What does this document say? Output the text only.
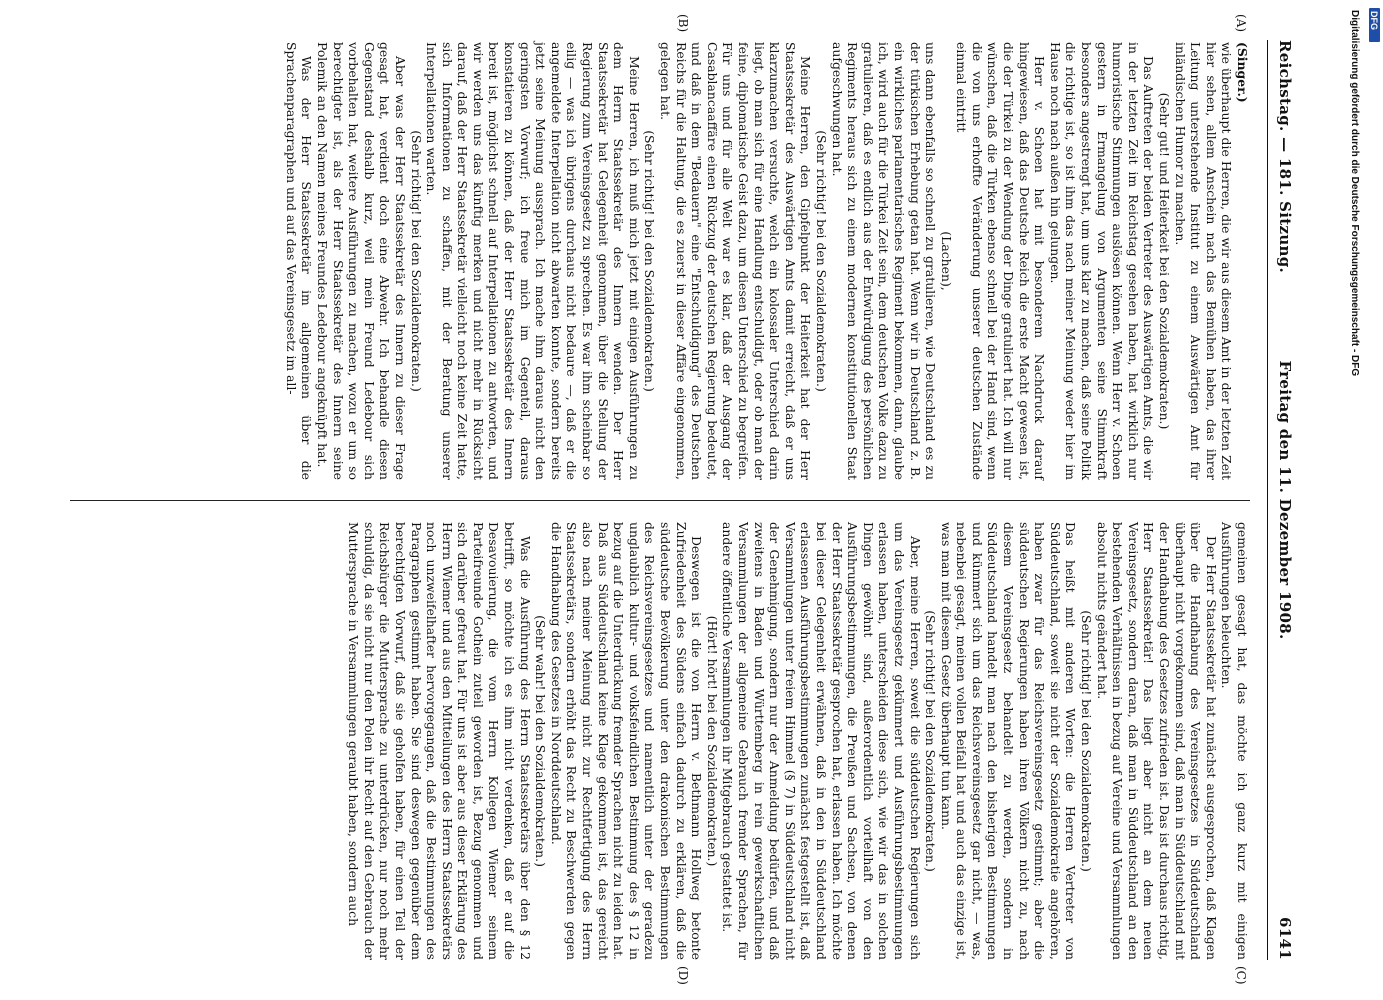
Reichstag. — 181. Sitzung.
Freitag den 11. Dezember 1908.
6141
(A)
(B)
(C)
(D)

(Singer.)

wie überhaupt die Herren, die wir aus diesem Amt in der letzten Zeit hier sehen, allem Anschein nach das Bemühen haben, das ihrer Leitung unterstehende Institut zu einem Auswärtigen Amt für inländischen Humor zu machen.

(Sehr gut! und Heiterkeit bei den Sozialdemokraten.)

Das Auftreten der beiden Vertreter des Auswärtigen Amts, die wir in der letzten Zeit im Reichstag gesehen haben, hat wirklich nur humoristische Stimmungen auslösen können. Wenn Herr v. Schoen gestern in Ermangelung von Argumenten seine Stimmkraft besonders angestrengt hat, um uns klar zu machen, daß seine Politik die richtige ist, so ist ihm das nach meiner Meinung weder hier im Hause noch nach außen hin gelungen.

Herr v. Schoen hat mit besonderem Nachdruck darauf hingewiesen, daß das Deutsche Reich die erste Macht gewesen ist, die der Türkei zu der Wendung der Dinge gratuliert hat. Ich will nur wünschen, daß die Türken ebenso schnell bei der Hand sind, wenn die von uns erhoffte Veränderung unserer deutschen Zustände einmal eintritt

(Lachen),

uns dann ebenfalls so schnell zu gratulieren, wie Deutschland es zu der türkischen Erhebung getan hat. Wenn wir in Deutschland z. B. ein wirkliches parlamentarisches Regiment bekommen, dann, glaube ich, wird auch für die Türkei Zeit sein, dem deutschen Volke dazu zu gratulieren, daß es endlich aus der Entwürdigung des persönlichen Regiments heraus sich zu einem modernen konstitutionellen Staat aufgeschwungen hat.

(Sehr richtig! bei den Sozialdemokraten.)

Meine Herren, den Gipfelpunkt der Heiterkeit hat der Herr Staatssekretär des Auswärtigen Amts damit erreicht, daß er uns klarzumachen versuchte, welch ein kolossaler Unterschied darin liegt, ob man sich für eine Handlung entschuldigt, oder ob man der feine, diplomatische Geist dazu, um diesen Unterschied zu begreifen. Für uns und für alle Welt war es klar, daß der Ausgang der Casablancaaffäre einen Rückzug der deutschen Regierung bedeutet, und daß in dem "Bedauern" eine "Entschuldigung" des Deutschen Reichs für die Haltung, die es zuerst in dieser Affäre eingenommen, gelegen hat.

(Sehr richtig! bei den Sozialdemokraten.)

Meine Herren, ich muß mich jetzt mit einigen Ausführungen zu dem Herrn Staatssekretär des Innern wenden. Der Herr Staatssekretär hat Gelegenheit genommen, über die Stellung der Regierung zum Vereinsgesetz zu sprechen. Es war ihm scheinbar so eilig — was ich übrigens durchaus nicht bedaure —, daß er die angemeldete Interpellation nicht abwarten konnte, sondern bereits jetzt seine Meinung aussprach. Ich mache ihm daraus nicht den geringsten Vorwurf; ich freue mich im Gegenteil, daraus konstatieren zu können, daß der Herr Staatssekretär des Innern bereit ist, möglichst schnell auf Interpellationen zu antworten, und wir werden uns das künftig merken und nicht mehr in Rücksicht darauf, daß der Herr Staatssekretär vielleicht noch keine Zeit hatte, sich Informationen zu schaffen, mit der Beratung unserer Interpellationen warten.

(Sehr richtig! bei den Sozialdemokraten.)

Aber was der Herr Staatssekretär des Innern zu dieser Frage gesagt hat, verdient doch eine Abwehr. Ich behandle diesen Gegenstand deshalb kurz, weil mein Freund Ledebour sich vorbehalten hat, weitere Ausführungen zu machen, wozu er um so berechtigter ist, als der Herr Staatssekretär des Innern seine Polemik an den Namen meines Freundes Ledebour angeknüpft hat.

Was der Herr Staatssekretär im allgemeinen über die Sprachenparagraphen und auf das Vereinsgesetz im all-

gemeinen gesagt hat, das möchte ich ganz kurz mit einigen Ausführungen beleuchten.

Der Herr Staatssekretär hat zunächst ausgesprochen, daß Klagen über die Handhabung des Vereinsgesetzes in Süddeutschland überhaupt nicht vorgekommen sind, daß man in Süddeutschland mit der Handhabung des Gesetzes zufrieden ist. Das ist durchaus richtig, Herr Staatssekretär! Das liegt aber nicht an dem neuen Vereinsgesetz, sondern daran, daß man in Süddeutschland an den bestehenden Verhältnissen in bezug auf Vereine und Versammlungen absolut nichts geändert hat.

(Sehr richtig! bei den Sozialdemokraten.)

Das heißt mit anderen Worten: die Herren Vertreter von Süddeutschland, soweit sie nicht der Sozialdemokratie angehören, haben zwar für das Reichsvereinsgesetz gestimmt; aber die süddeutschen Regierungen haben ihren Völkern nicht zu, nach diesem Vereinsgesetz behandelt zu werden, sondern in Süddeutschland handelt man nach den bisherigen Bestimmungen und kümmert sich um das Reichsvereinsgesetz gar nicht, — was, nebenbei gesagt, meinen vollen Beifall hat und auch das einzige ist, was man mit diesem Gesetz überhaupt tun kann.

(Sehr richtig! bei den Sozialdemokraten.)

Aber, meine Herren, soweit die süddeutschen Regierungen sich um das Vereinsgesetz gekümmert und Ausführungsbestimmungen erlassen haben, unterscheiden diese sich, wie wir das in solchen Dingen gewöhnt sind, außerordentlich vorteilhaft von den Ausführungsbestimmungen, die Preußen und Sachsen, von denen der Herr Staatssekretär gesprochen hat, erlassen haben. Ich möchte bei dieser Gelegenheit erwähnen, daß in den in Süddeutschland erlassenen Ausführungsbestimmungen zunächst festgestellt ist, daß Versammlungen unter freiem Himmel (§ 7) in Süddeutschland nicht der Genehmigung, sondern nur der Anmeldung bedürfen, und daß zweitens in Baden und Württemberg in rein gewerkschaftlichen Versammlungen der allgemeine Gebrauch fremder Sprachen, für andere öffentliche Versammlungen ihr Mitgebrauch gestattet ist.

(Hört! hört! bei den Sozialdemokraten.)

Deswegen ist die von Herrn v. Bethmann Hollweg betonte Zufriedenheit des Südens einfach dadurch zu erklären, daß die süddeutsche Bevölkerung unter den drakonischen Bestimmungen des Reichsvereinsgesetzes und namentlich unter der geradezu unglaublich kultur- und volksfeindlichen Bestimmung des § 12 in bezug auf die Unterdrückung fremder Sprachen nicht zu leiden hat. Daß aus Süddeutschland keine Klage gekommen ist, das gereicht also nach meiner Meinung nicht zur Rechtfertigung des Herrn Staatssekretärs, sondern erhöht das Recht zu Beschwerden gegen die Handhabung des Gesetzes in Norddeutschland.

(Sehr wahr! bei den Sozialdemokraten.)

Was die Ausführung des Herrn Staatssekretärs über den § 12 betrifft, so möchte ich es ihm nicht verdenken, daß er auf die Desavouierung, die vom Herrn Kollegen Wiemer seinem Parteifreunde Gothein zuteil geworden ist, Bezug genommen und sich darüber gefreut hat. Für uns ist aber aus dieser Erklärung des Herrn Wiemer und aus den Mitteilungen des Herrn Staatssekretärs noch unzweifelhafter hervorgegangen, daß die Bestimmungen des Paragraphen gestimmt haben. Sie sind deswegen gegenüber dem berechtigten Vorwurf, daß sie geholfen haben, für einen Teil der Reichsbürger die Muttersprache zu unterdrücken, nur noch mehr schuldig, da sie nicht nur den Polen ihr Recht auf den Gebrauch der Muttersprache in Versammlungen geraubt haben, sondern auch

Digitalisierung gefördert durch die Deutsche Forschungsgemeinschaft - DFG DFG
